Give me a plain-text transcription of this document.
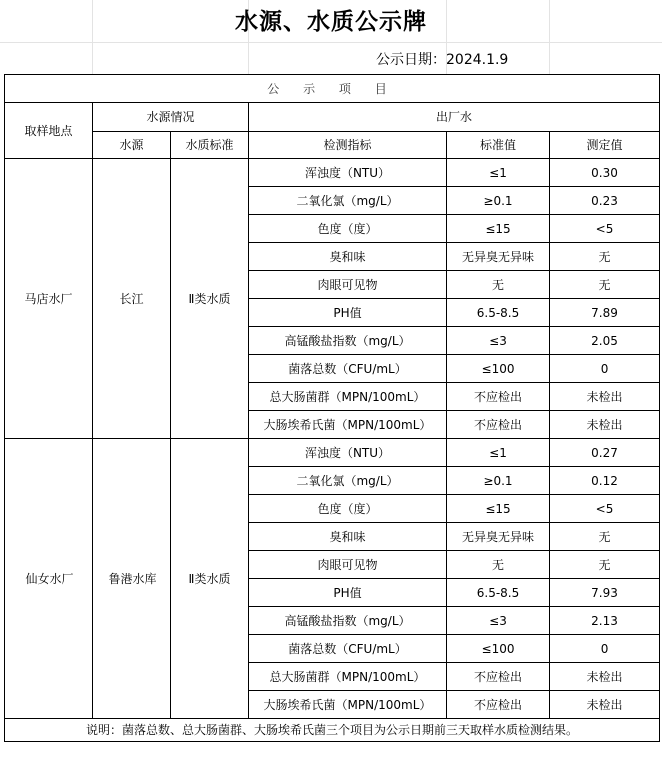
水源、水质公示牌
公示日期：2024.1.9
公 示 项 目					
取样地点	水源情况		出厂水		
	水源	水质标准	检测指标	标准值	测定值
马店水厂	长江	Ⅱ类水质	浑浊度（NTU）	≤1	0.30
			二氧化氯（mg/L）	≥0.1	0.23
			色度（度）	≤15	<5
			臭和味	无异臭无异味	无
			肉眼可见物	无	无
			PH值	6.5-8.5	7.89
			高锰酸盐指数（mg/L）	≤3	2.05
			菌落总数（CFU/mL）	≤100	0
			总大肠菌群（MPN/100mL）	不应检出	未检出
			大肠埃希氏菌（MPN/100mL）	不应检出	未检出
仙女水厂	鲁港水库	Ⅱ类水质	浑浊度（NTU）	≤1	0.27
			二氧化氯（mg/L）	≥0.1	0.12
			色度（度）	≤15	<5
			臭和味	无异臭无异味	无
			肉眼可见物	无	无
			PH值	6.5-8.5	7.93
			高锰酸盐指数（mg/L）	≤3	2.13
			菌落总数（CFU/mL）	≤100	0
			总大肠菌群（MPN/100mL）	不应检出	未检出
			大肠埃希氏菌（MPN/100mL）	不应检出	未检出
说明：菌落总数、总大肠菌群、大肠埃希氏菌三个项目为公示日期前三天取样水质检测结果。					
